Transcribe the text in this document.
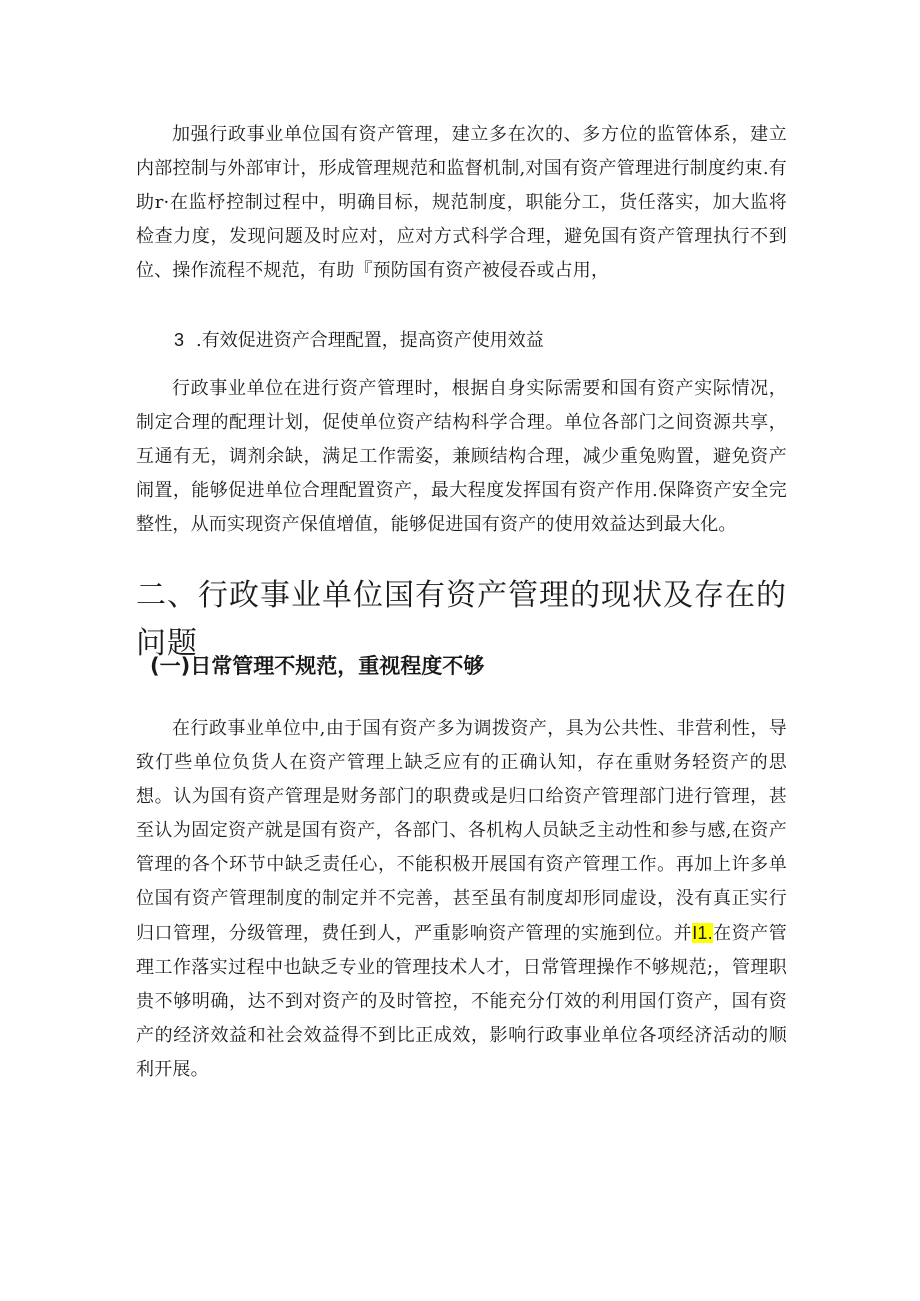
加强行政事业单位国有资产管理，建立多在次的、多方位的监管体系，建立内部控制与外部审计，形成管理规范和监督机制,对国有资产管理进行制度约束.有助r·在监杼控制过程中，明确目标，规范制度，职能分工，货任落实，加大监将检查力度，发现问题及时应对，应对方式科学合理，避免国有资产管理执行不到位、操作流程不规范，有助『预防国有资产被侵吞或占用，

3 .有效促进资产合理配置，提高资产使用效益

行政事业单位在进行资产管理时，根据自身实际需要和国有资产实际情况，制定合理的配理计划，促使单位资产结构科学合理。单位各部门之间资源共享，互通有无，调剂余缺，满足工作需姿，兼顾结构合理，减少重兔购置，避免资产闹置，能够促进单位合理配置资产，最大程度发挥国有资产作用.保降资产安全完整性，从而实现资产保值增值，能够促进国有资产的使用效益达到最大化。

二、行政事业单位国有资产管理的现状及存在的问题
(一)日常管理不规范，重视程度不够

在行政事业单位中,由于国有资产多为调拨资产，具为公共性、非营利性，导致仃些单位负货人在资产管理上缺乏应有的正确认知，存在重财务轻资产的思想。认为国有资产管理是财务部门的职费或是归口给资产管理部门进行管理，甚至认为固定资产就是国有资产，各部门、各机构人员缺乏主动性和参与感,在资产管理的各个环节中缺乏责任心，不能积极开展国有资产管理工作。再加上许多单位国有资产管理制度的制定并不完善，甚至虽有制度却形同虚设，没有真正实行归口管理，分级管理，费任到人，严重影响资产管理的实施到位。并I1.在资产管理工作落实过程中也缺乏专业的管理技术人才，日常管理操作不够规范;，管理职贵不够明确，达不到对资产的及时管控，不能充分仃效的利用国仃资产，国有资产的经济效益和社会效益得不到比正成效，影响行政事业单位各项经济活动的顺利开展。
